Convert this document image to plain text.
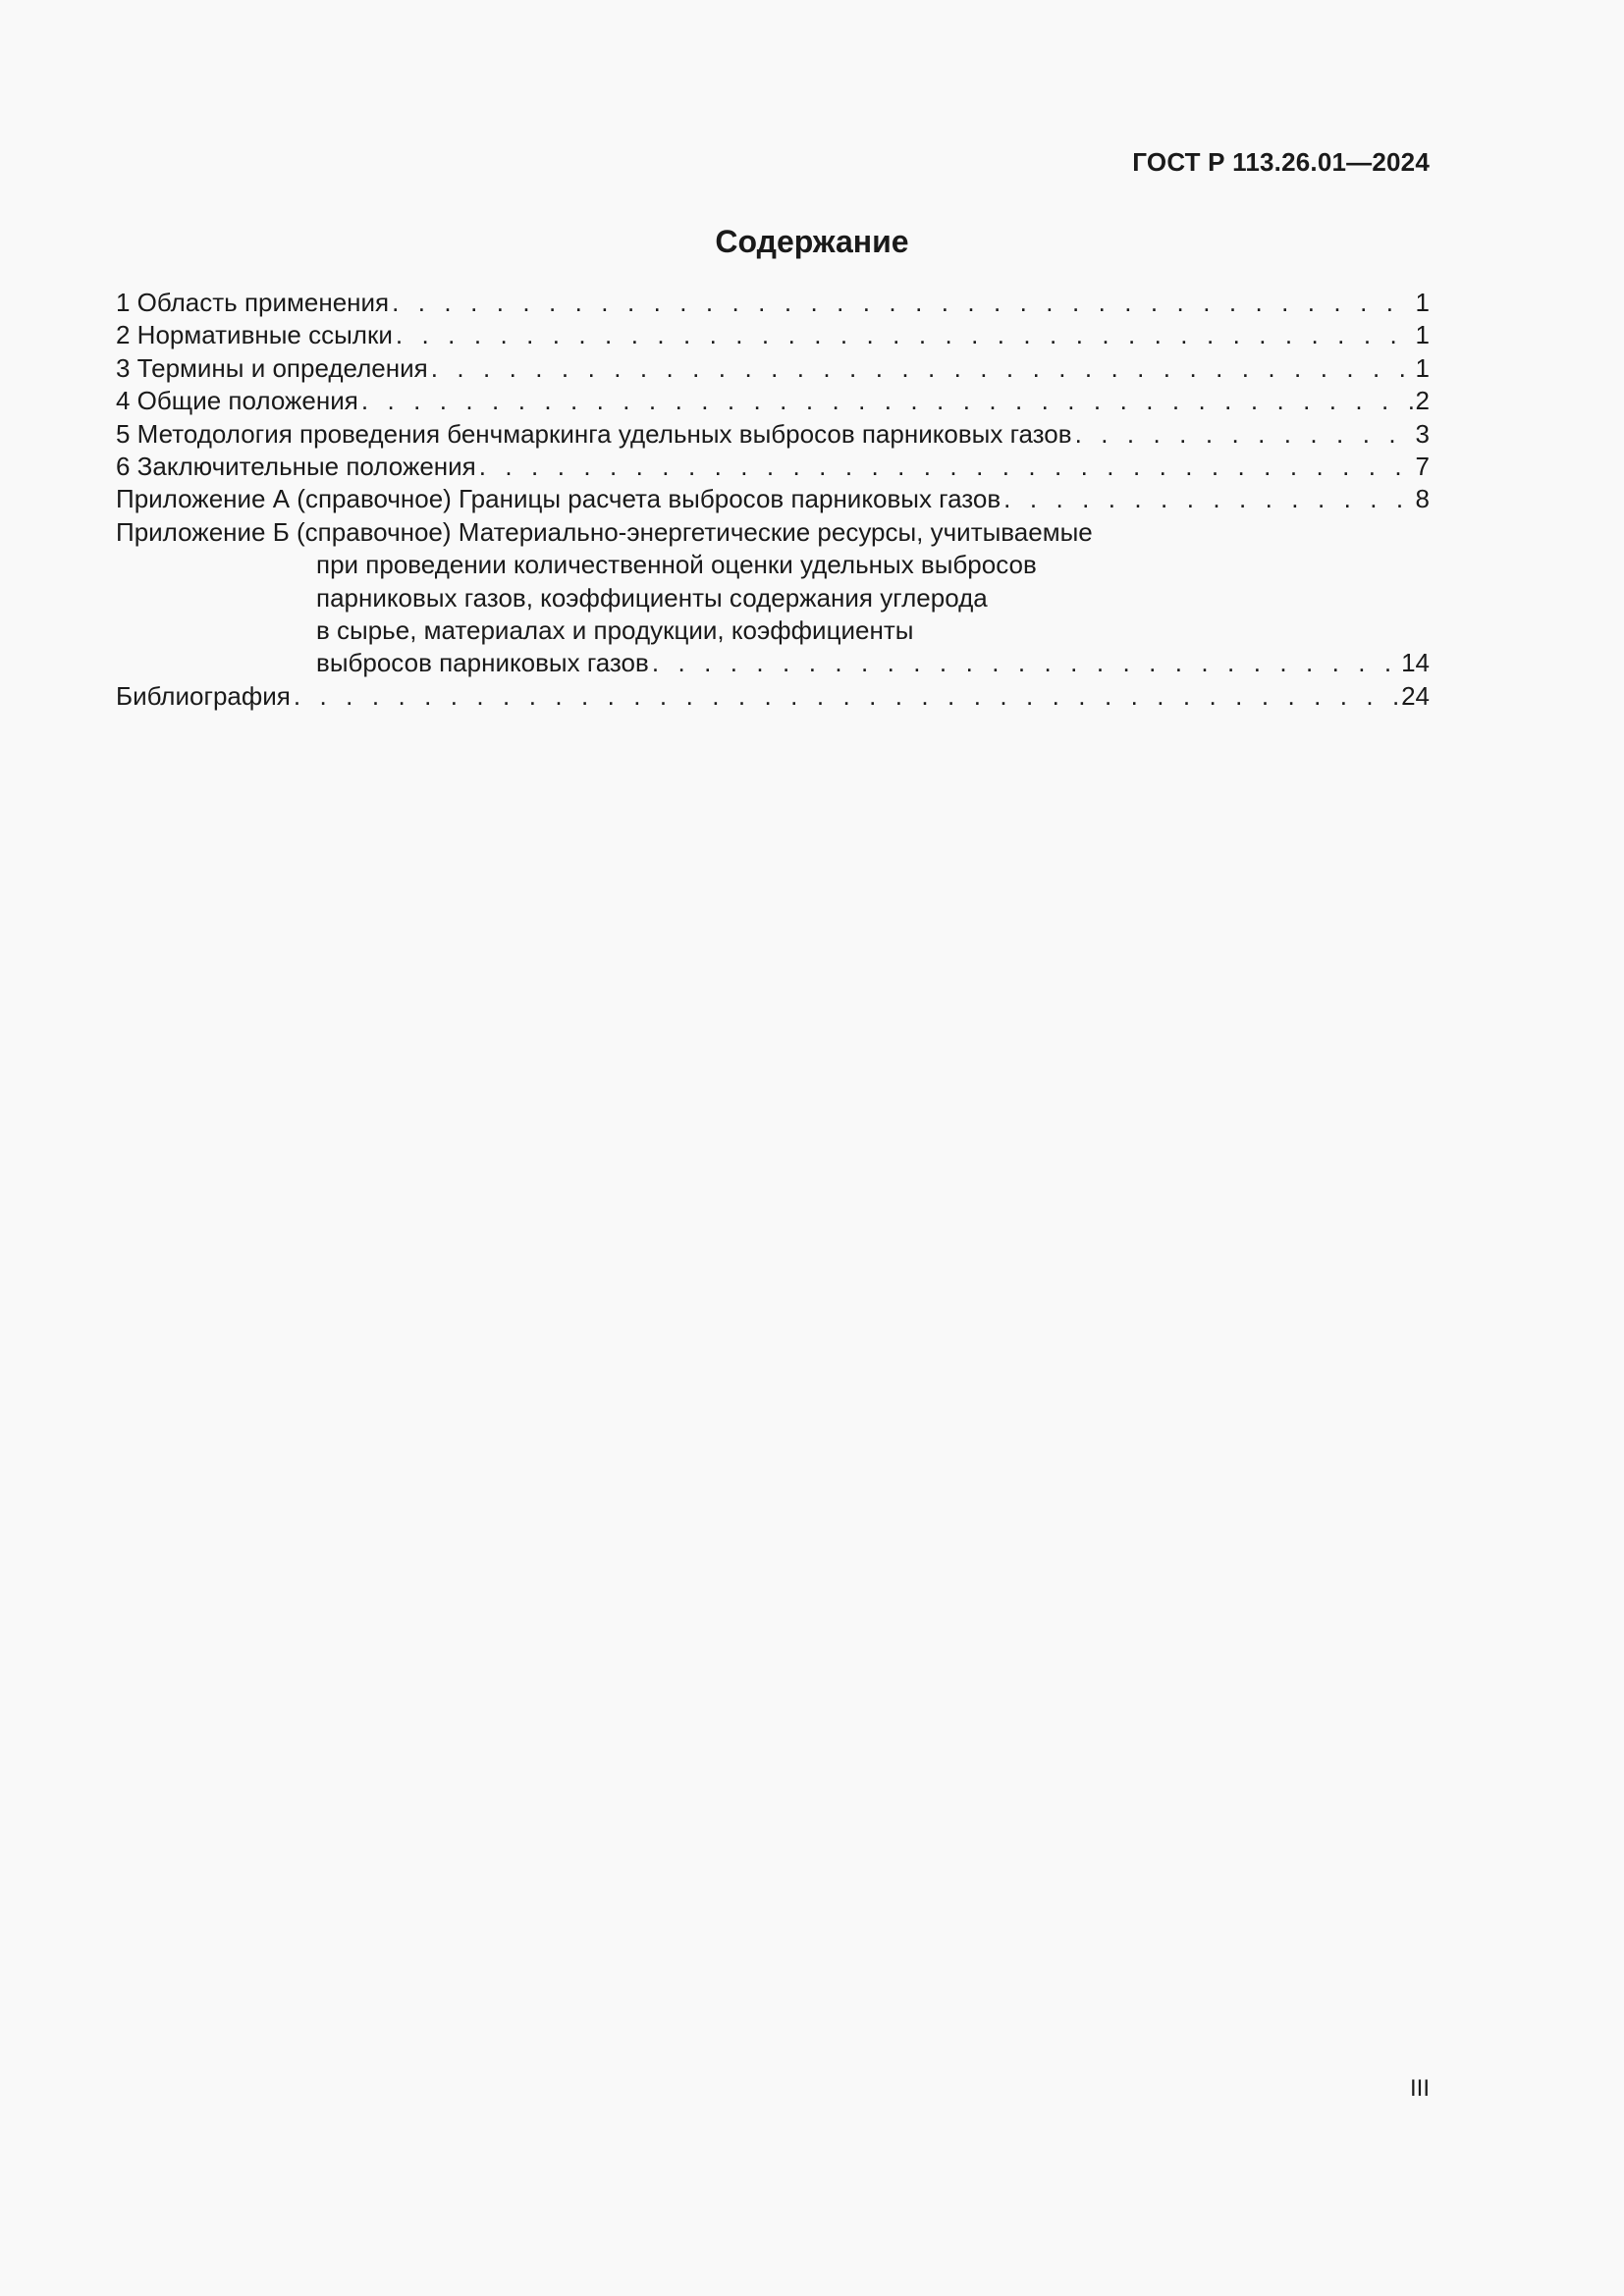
ГОСТ Р 113.26.01—2024
Содержание
1 Область применения . . .	1
2 Нормативные ссылки . . .	1
3 Термины и определения . . .	1
4 Общие положения . . .	2
5 Методология проведения бенчмаркинга удельных выбросов парниковых газов . . .	3
6 Заключительные положения . . .	7
Приложение А (справочное) Границы расчета выбросов парниковых газов . . .	8
Приложение Б (справочное) Материально-энергетические ресурсы, учитываемые
при проведении количественной оценки удельных выбросов
парниковых газов, коэффициенты содержания углерода
в сырье, материалах и продукции, коэффициенты
выбросов парниковых газов . . .	14
Библиография . . .	24
III
